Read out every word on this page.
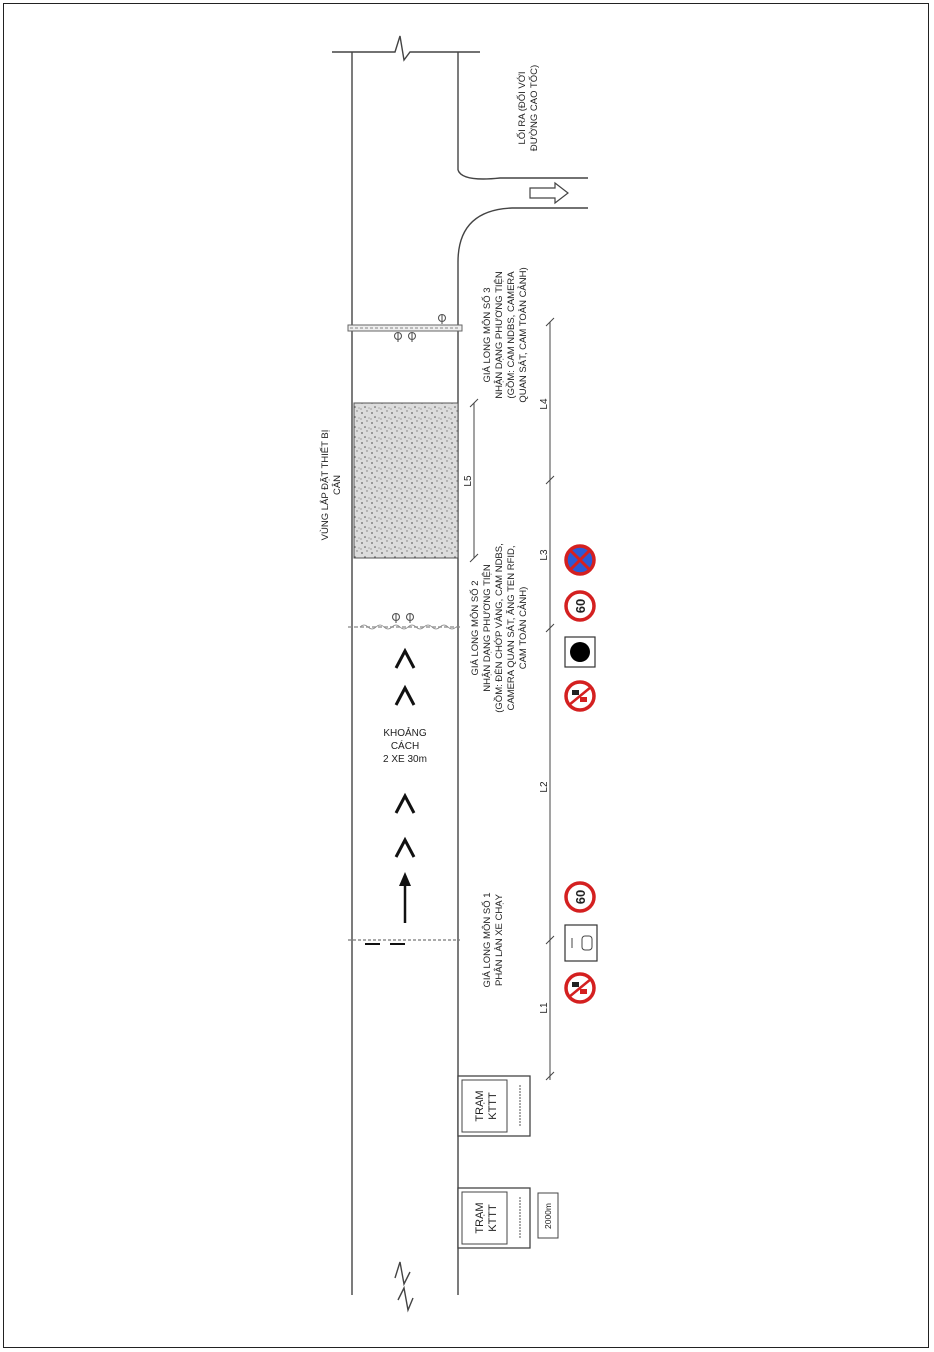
LỐI RA (ĐỐI VỚI ĐƯỜNG CAO TỐC)
GIÁ LONG MÔN SỐ 3 NHẬN DẠNG PHƯƠNG TIỆN (GỒM: CAM NDBS, CAMERA QUAN SÁT, CAM TOÀN CẢNH)
VÙNG LẮP ĐẶT THIẾT BỊ CÂN	L5
GIÁ LONG MÔN SỐ 2 NHẬN DẠNG PHƯƠNG TIỆN (GỒM: ĐÈN CHỚP VÀNG, CAM NDBS, CAMERA QUAN SÁT, ĂNG TEN RFID, CAM TOÀN CẢNH)
KHOẢNG
CÁCH
2 XE 30m
GIÁ LONG MÔN SỐ 1 PHÂN LÀN XE CHẠY
L4
L3
L2
L1
60
60
TRẠM KTTT
TRẠM KTTT	2000m
